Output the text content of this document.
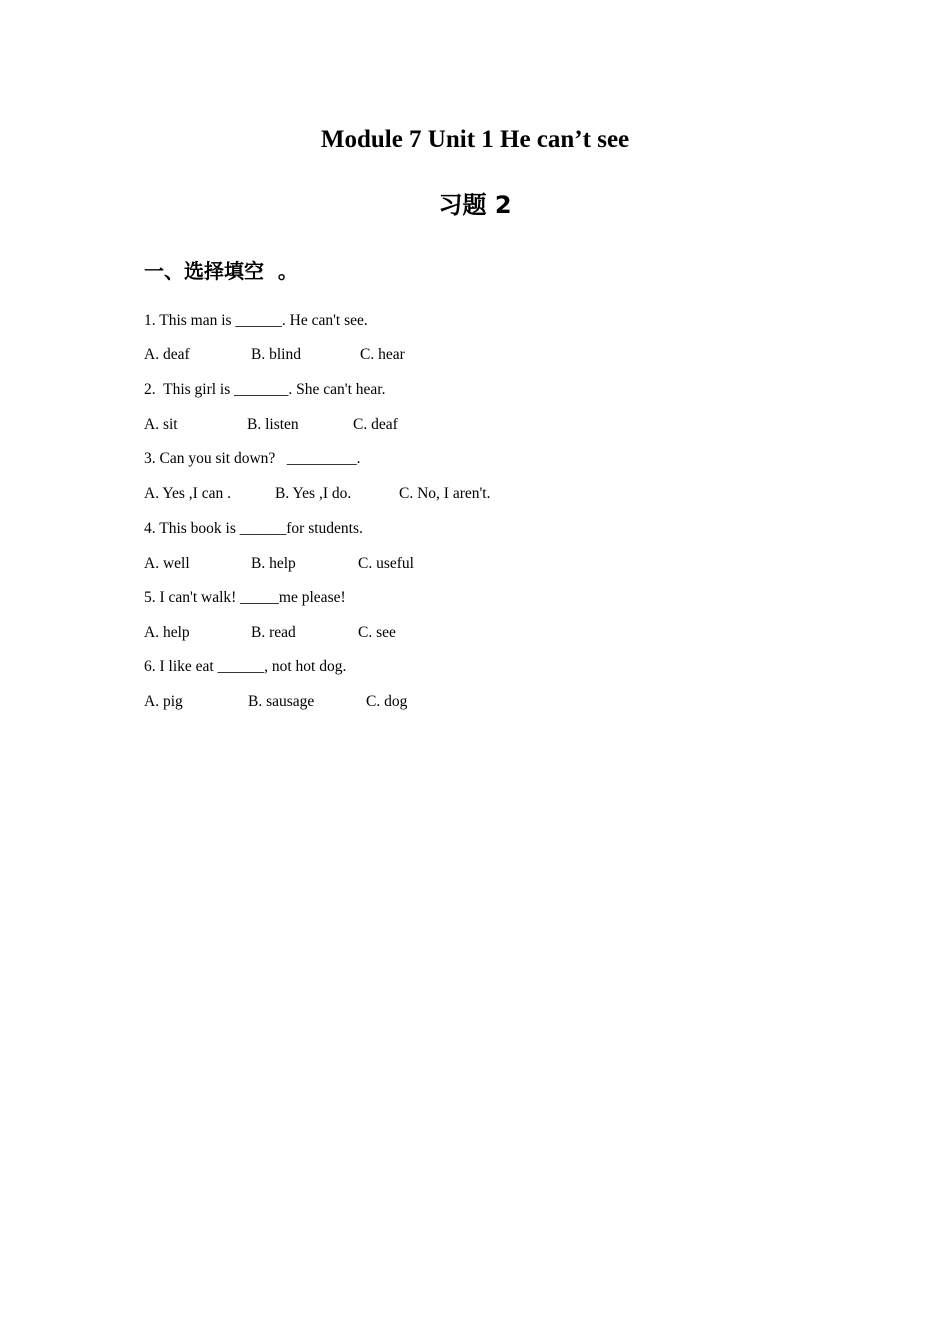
Module 7 Unit 1 He can’t see
习题 2
一、选择填空  。
1. This man is ______. He can't see.
A. deaf	B. blind	C. hear
2.  This girl is _______. She can't hear.
A. sit	B. listen	C. deaf
3. Can you sit down?   _________.
A. Yes ,I can .	B. Yes ,I do.	C. No, I aren't.
4. This book is ______for students.
A. well	B. help	C. useful
5. I can't walk! _____me please!
A. help	B. read	C. see
6. I like eat ______, not hot dog.
A. pig	B. sausage	C. dog
